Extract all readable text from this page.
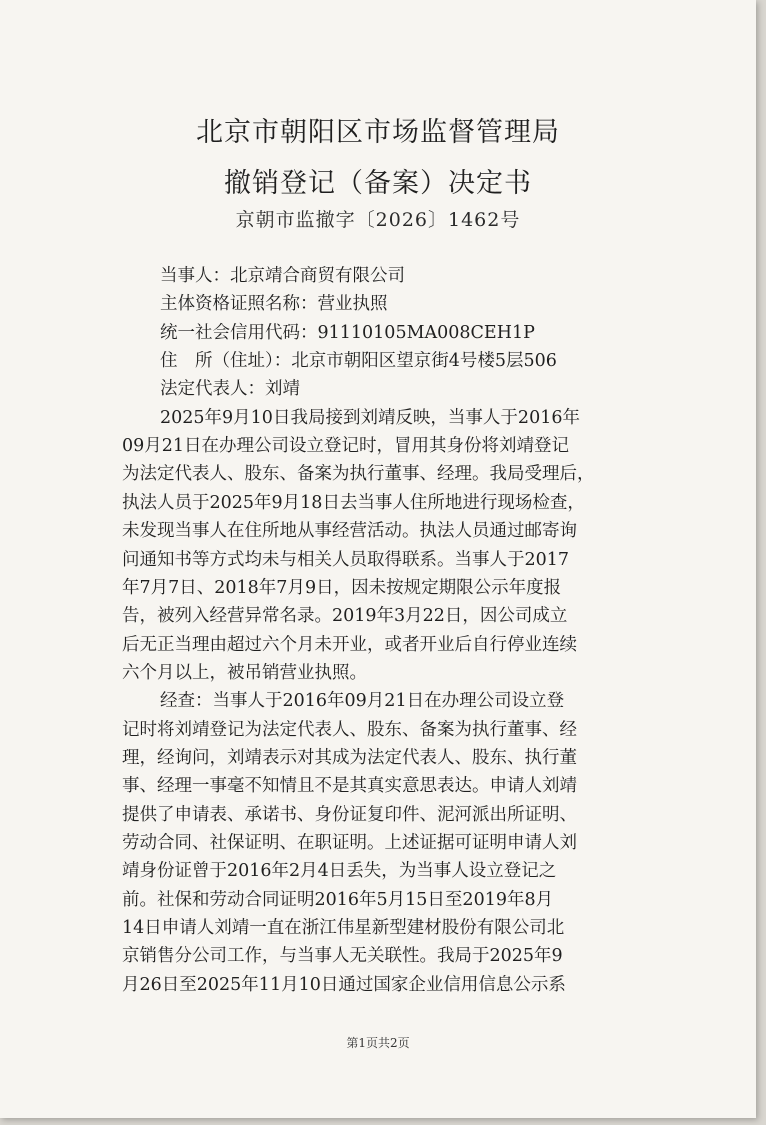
北京市朝阳区市场监督管理局
撤销登记（备案）决定书
京朝市监撤字〔2026〕1462号
当事人：北京靖合商贸有限公司
主体资格证照名称：营业执照
统一社会信用代码：91110105MA008CEH1P
住　所（住址）：北京市朝阳区望京街4号楼5层506
法定代表人：刘靖
2025年9月10日我局接到刘靖反映，当事人于2016年
09月21日在办理公司设立登记时，冒用其身份将刘靖登记
为法定代表人、股东、备案为执行董事、经理。我局受理后，
执法人员于2025年9月18日去当事人住所地进行现场检查，
未发现当事人在住所地从事经营活动。执法人员通过邮寄询
问通知书等方式均未与相关人员取得联系。当事人于2017
年7月7日、2018年7月9日，因未按规定期限公示年度报
告，被列入经营异常名录。2019年3月22日，因公司成立
后无正当理由超过六个月未开业，或者开业后自行停业连续
六个月以上，被吊销营业执照。
经查：当事人于2016年09月21日在办理公司设立登
记时将刘靖登记为法定代表人、股东、备案为执行董事、经
理，经询问，刘靖表示对其成为法定代表人、股东、执行董
事、经理一事毫不知情且不是其真实意思表达。申请人刘靖
提供了申请表、承诺书、身份证复印件、泥河派出所证明、
劳动合同、社保证明、在职证明。上述证据可证明申请人刘
靖身份证曾于2016年2月4日丢失，为当事人设立登记之
前。社保和劳动合同证明2016年5月15日至2019年8月
14日申请人刘靖一直在浙江伟星新型建材股份有限公司北
京销售分公司工作，与当事人无关联性。我局于2025年9
月26日至2025年11月10日通过国家企业信用信息公示系
第1页共2页
